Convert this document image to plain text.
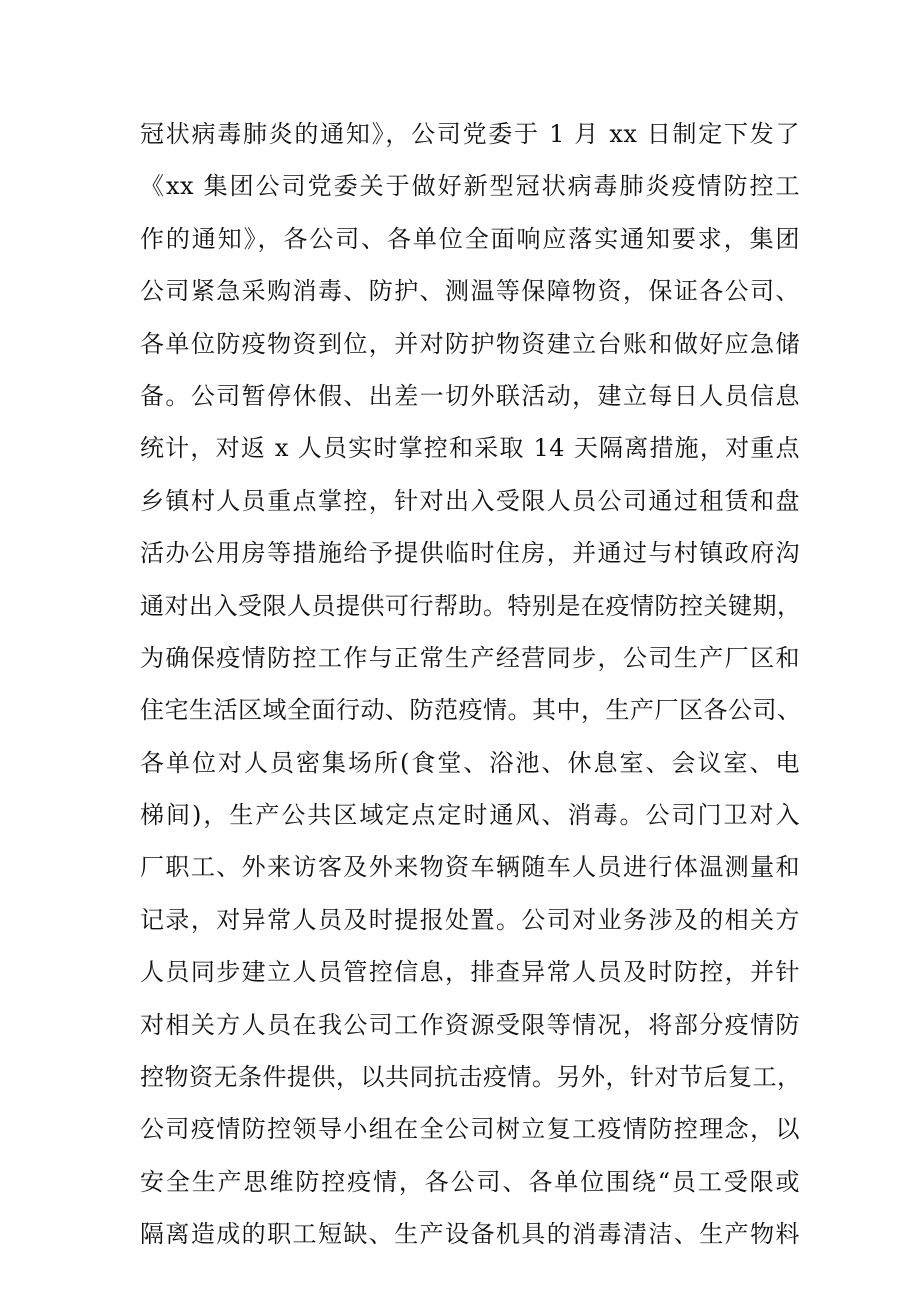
冠状病毒肺炎的通知》，公司党委于 1 月 xx 日制定下发了
《xx 集团公司党委关于做好新型冠状病毒肺炎疫情防控工
作的通知》，各公司、各单位全面响应落实通知要求，集团
公司紧急采购消毒、防护、测温等保障物资，保证各公司、
各单位防疫物资到位，并对防护物资建立台账和做好应急储
备。公司暂停休假、出差一切外联活动，建立每日人员信息
统计，对返 x 人员实时掌控和采取 14 天隔离措施，对重点
乡镇村人员重点掌控，针对出入受限人员公司通过租赁和盘
活办公用房等措施给予提供临时住房，并通过与村镇政府沟
通对出入受限人员提供可行帮助。特别是在疫情防控关键期，
为确保疫情防控工作与正常生产经营同步，公司生产厂区和
住宅生活区域全面行动、防范疫情。其中，生产厂区各公司、
各单位对人员密集场所(食堂、浴池、休息室、会议室、电
梯间)，生产公共区域定点定时通风、消毒。公司门卫对入
厂职工、外来访客及外来物资车辆随车人员进行体温测量和
记录，对异常人员及时提报处置。公司对业务涉及的相关方
人员同步建立人员管控信息，排查异常人员及时防控，并针
对相关方人员在我公司工作资源受限等情况，将部分疫情防
控物资无条件提供，以共同抗击疫情。另外，针对节后复工，
公司疫情防控领导小组在全公司树立复工疫情防控理念，以
安全生产思维防控疫情，各公司、各单位围绕“员工受限或
隔离造成的职工短缺、生产设备机具的消毒清洁、生产物料
